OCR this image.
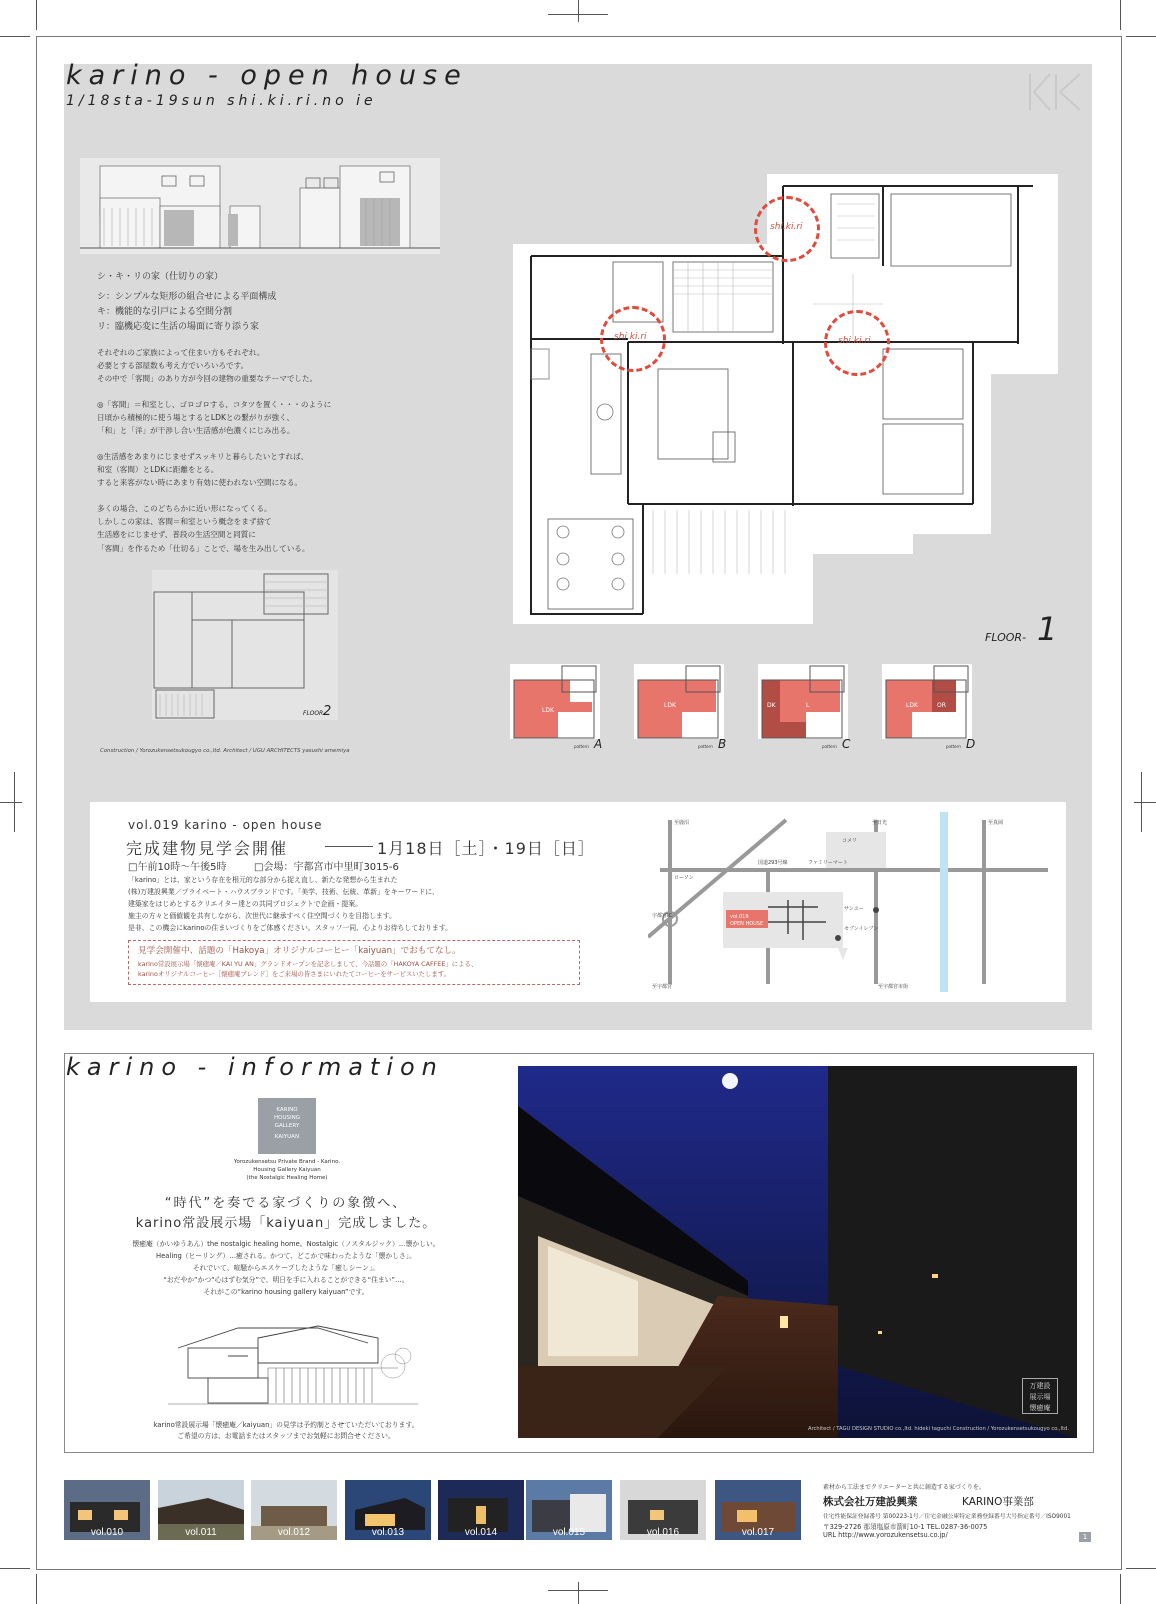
karino - open house
1/18sta-19sun shi.ki.ri.no ie
シ・キ・リの家（仕切りの家）
シ：シンプルな矩形の組合せによる平面構成
キ：機能的な引戸による空間分割
リ：臨機応変に生活の場面に寄り添う家
それぞれのご家族によって住まい方もそれぞれ。
必要とする部屋数も考え方でいろいろです。
その中で「客間」のあり方が今回の建物の重要なテーマでした。
◎「客間」＝和室とし、ゴロゴロする、コタツを置く・・・のように
日頃から積極的に使う場とするとLDKとの繋がりが強く、
「和」と「洋」が干渉し合い生活感が色濃くにじみ出る。
◎生活感をあまりにじませずスッキリと暮らしたいとすれば、
和室（客間）とLDKに距離をとる。
すると来客がない時にあまり有効に使われない空間になる。
多くの場合、このどちらかに近い形になってくる。
しかしこの家は、客間＝和室という概念をまず捨て
生活感をにじませず、普段の生活空間と同質に
「客間」を作るため「仕切る」ことで、場を生み出している。
FLOOR 2
Construction / Yorozukensetsukougyo co.,ltd. Architect / UGU ARCHITECTS yasushi amemiya
shi.ki.ri
shi.ki.ri	shi.ki.ri
FLOOR- 1
LDK
pattern A
LDK
pattern B
DK	L
pattern C
LDK	OR
pattern D
vol.019 karino - open house
完成建物見学会開催	1月18日［土］・19日［日］
□午前10時～午後5時	□会場：宇都宮市中里町3015-6
「karino」とは、家という存在を根元的な部分から捉え直し、新たな発想から生まれた
(株)万建設興業／プライベート・ハウスブランドです。「美学、技術、伝統、革新」をキーワードに、
建築家をはじめとするクリエイター達との共同プロジェクトで企画・提案。
施主の方々と価値観を共有しながら、次世代に継承すべく住空間づくりを目指します。
是非、この機会にkarinoの住まいづくりをご体感ください。スタッフ一同、心よりお待ちしております。
見学会開催中、話題の「Hakoya」オリジナルコーヒー「kaiyuan」でおもてなし。
karino常設展示場「懐癒庵／KAI YU AN」グランドオープンを記念しまして、今話題の「HAKOYA CAFFEE」による、
karinoオリジナルコーヒー［懐癒庵ブレンド］をご来場の皆さまにいれたてコーヒーをサービスいたします。
vol.019
OPEN HOUSE
至鹿沼
宇都宮IC
ローソン
国道293号線	ファミリーマート
セブンイレブン
サンユー
コメリ
至日光	至真岡
至宇都宮	至宇都宮市街
karino - information
KARINO
HOUSING
GALLERY
KAIYUAN
Yorozukensetsu Private Brand - Karino.
Housing Gallery Kaiyuan
(the Nostalgic Healing Home)
“時代”を奏でる家づくりの象徴へ、
karino常設展示場「kaiyuan」完成しました。
懐癒庵（かいゆうあん）the nostalgic healing home。Nostalgic（ノスタルジック）…懐かしい。
Healing（ヒーリング）…癒される。かつて、どこかで味わったような「懐かしさ」。
それでいて、喧騒からエスケープしたような「癒しシーン」。
“おだやか”かつ“心はずむ気分”で、明日を手に入れることができる“住まい”…。
それがこの“karino housing gallery kaiyuan”です。
karino常設展示場「懐癒庵／kaiyuan」の見学は予約制とさせていただいております。
ご希望の方は、お電話またはスタッフまでお気軽にお問合せください。
万建設
展示場
懐癒庵
Architect / TAGU DESIGN STUDIO co.,ltd. hideki taguchi Construction / Yorozukensetsukougyo co.,ltd.
vol.010	vol.011	vol.012	vol.013	vol.014	vol.015	vol.016	vol.017
素材から工法までクリエーターと共に創造する家づくりを。
株式会社万建設興業	KARINO事業部
住宅性能保証登録番号 第00223-1号／住宅金融公庫特定業務登録番号大号指定番号／ISO9001
〒329-2726 那須塩原市箭町10-1 TEL.0287-36-0075
URL http://www.yorozukensetsu.co.jp/	1
